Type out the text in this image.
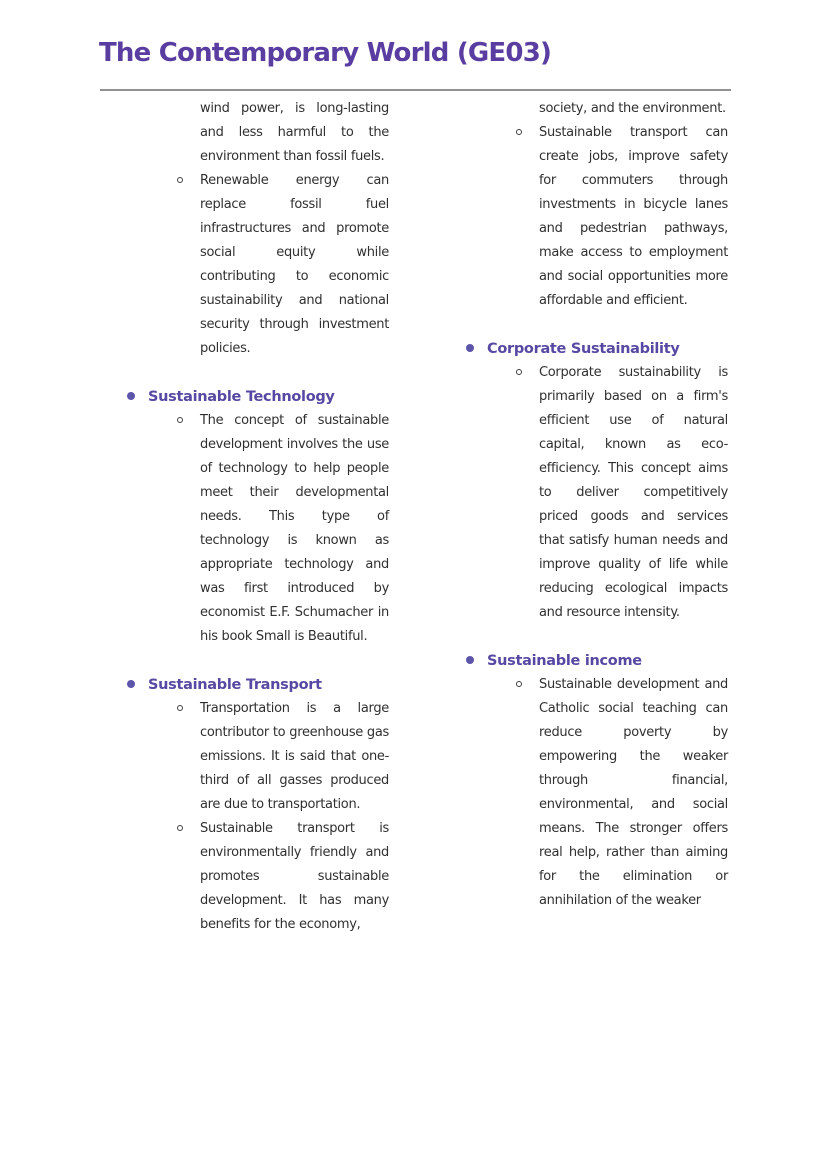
The Contemporary World (GE03)

wind power, is long-lasting and less harmful to the environment than fossil fuels.

Renewable energy can replace fossil fuel infrastructures and promote social equity while contributing to economic sustainability and national security through investment policies.

Sustainable Technology

The concept of sustainable development involves the use of technology to help people meet their developmental needs. This type of technology is known as appropriate technology and was first introduced by economist E.F. Schumacher in his book Small is Beautiful.

Sustainable Transport

Transportation is a large contributor to greenhouse gas emissions. It is said that one-third of all gasses produced are due to transportation.

Sustainable transport is environmentally friendly and promotes sustainable development. It has many benefits for the economy,

society, and the environment.

Sustainable transport can create jobs, improve safety for commuters through investments in bicycle lanes and pedestrian pathways, make access to employment and social opportunities more affordable and efficient.

Corporate Sustainability

Corporate sustainability is primarily based on a firm's efficient use of natural capital, known as eco-efficiency. This concept aims to deliver competitively priced goods and services that satisfy human needs and improve quality of life while reducing ecological impacts and resource intensity.

Sustainable income

Sustainable development and Catholic social teaching can reduce poverty by empowering the weaker through financial, environmental, and social means. The stronger offers real help, rather than aiming for the elimination or annihilation of the weaker
